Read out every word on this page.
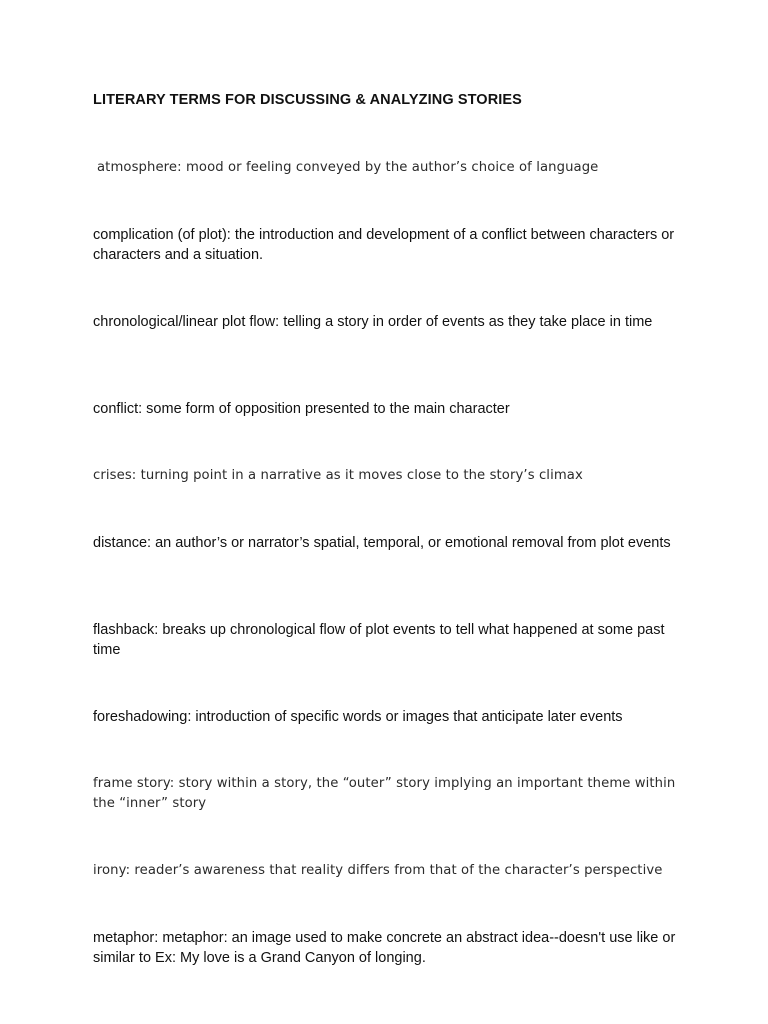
LITERARY TERMS FOR DISCUSSING & ANALYZING STORIES
atmosphere: mood or feeling conveyed by the author’s choice of language
complication (of plot): the introduction and development of a conflict between characters or characters and a situation.
chronological/linear plot flow: telling a story in order of events as they take place in time
conflict: some form of opposition presented to the main character
crises: turning point in a narrative as it moves close to the story’s climax
distance: an author’s or narrator’s spatial, temporal, or emotional removal from plot events
flashback: breaks up chronological flow of plot events to tell what happened at some past time
foreshadowing: introduction of specific words or images that anticipate later events
frame story: story within a story, the “outer” story implying an important theme within the “inner” story
irony: reader’s awareness that reality differs from that of the character’s perspective
metaphor: metaphor: an image used to make concrete an abstract idea--doesn't use like or similar to Ex: My love is a Grand Canyon of longing.
